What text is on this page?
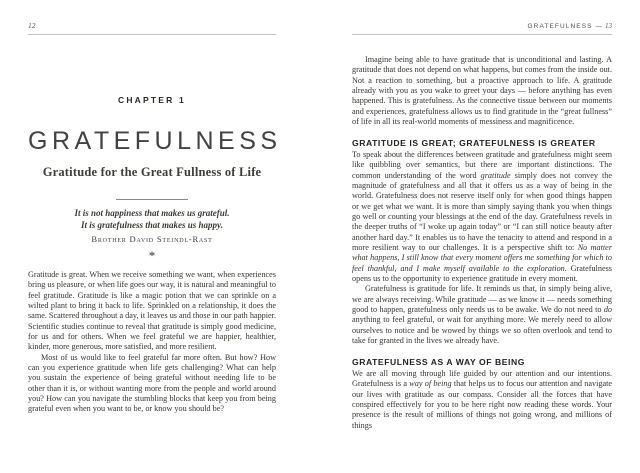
12
CHAPTER 1
GRATEFULNESS
Gratitude for the Great Fullness of Life
It is not happiness that makes us grateful.
It is gratefulness that makes us happy.
Brother David Steindl-Rast
*

Gratitude is great. When we receive something we want, when experiences bring us pleasure, or when life goes our way, it is natural and meaningful to feel gratitude. Gratitude is like a magic potion that we can sprinkle on a wilted plant to bring it back to life. Sprinkled on a relationship, it does the same. Scattered throughout a day, it leaves us and those in our path happier. Scientific studies continue to reveal that gratitude is simply good medicine, for us and for others. When we feel grateful we are happier, healthier, kinder, more generous, more satisfied, and more resilient.

Most of us would like to feel grateful far more often. But how? How can you experience gratitude when life gets challenging? What can help you sustain the experience of being grateful without needing life to be other than it is, or without wanting more from the people and world around you? How can you navigate the stumbling blocks that keep you from being grateful even when you want to be, or know you should be?

GRATEFULNESS — 13

Imagine being able to have gratitude that is unconditional and lasting. A gratitude that does not depend on what happens, but comes from the inside out. Not a reaction to something, but a proactive approach to life. A gratitude already with you as you wake to greet your days — before anything has even happened. This is gratefulness. As the connective tissue between our moments and experiences, gratefulness allows us to find gratitude in the “great fullness” of life in all its real-world moments of messiness and magnificence.

GRATITUDE IS GREAT; GRATEFULNESS IS GREATER

To speak about the differences between gratitude and gratefulness might seem like quibbling over semantics, but there are important distinctions. The common understanding of the word gratitude simply does not convey the magnitude of gratefulness and all that it offers us as a way of being in the world. Gratefulness does not reserve itself only for when good things happen or we get what we want. It is more than simply saying thank you when things go well or counting your blessings at the end of the day. Gratefulness revels in the deeper truths of “I woke up again today” or “I can still notice beauty after another hard day.” It enables us to have the tenacity to attend and respond in a more resilient way to our challenges. It is a perspective shift to: No matter what happens, I still know that every moment offers me something for which to feel thankful, and I make myself available to the exploration. Gratefulness opens us to the opportunity to experience gratitude in every moment.

Gratefulness is gratitude for life. It reminds us that, in simply being alive, we are always receiving. While gratitude — as we know it — needs something good to happen, gratefulness only needs us to be awake. We do not need to do anything to feel grateful, or wait for anything more. We merely need to allow ourselves to notice and be wowed by things we so often overlook and tend to take for granted in the lives we already have.

GRATEFULNESS AS A WAY OF BEING

We are all moving through life guided by our attention and our intentions. Gratefulness is a way of being that helps us to focus our attention and navigate our lives with gratitude as our compass. Consider all the forces that have conspired effectively for you to be here right now reading these words. Your presence is the result of millions of things not going wrong, and millions of things
